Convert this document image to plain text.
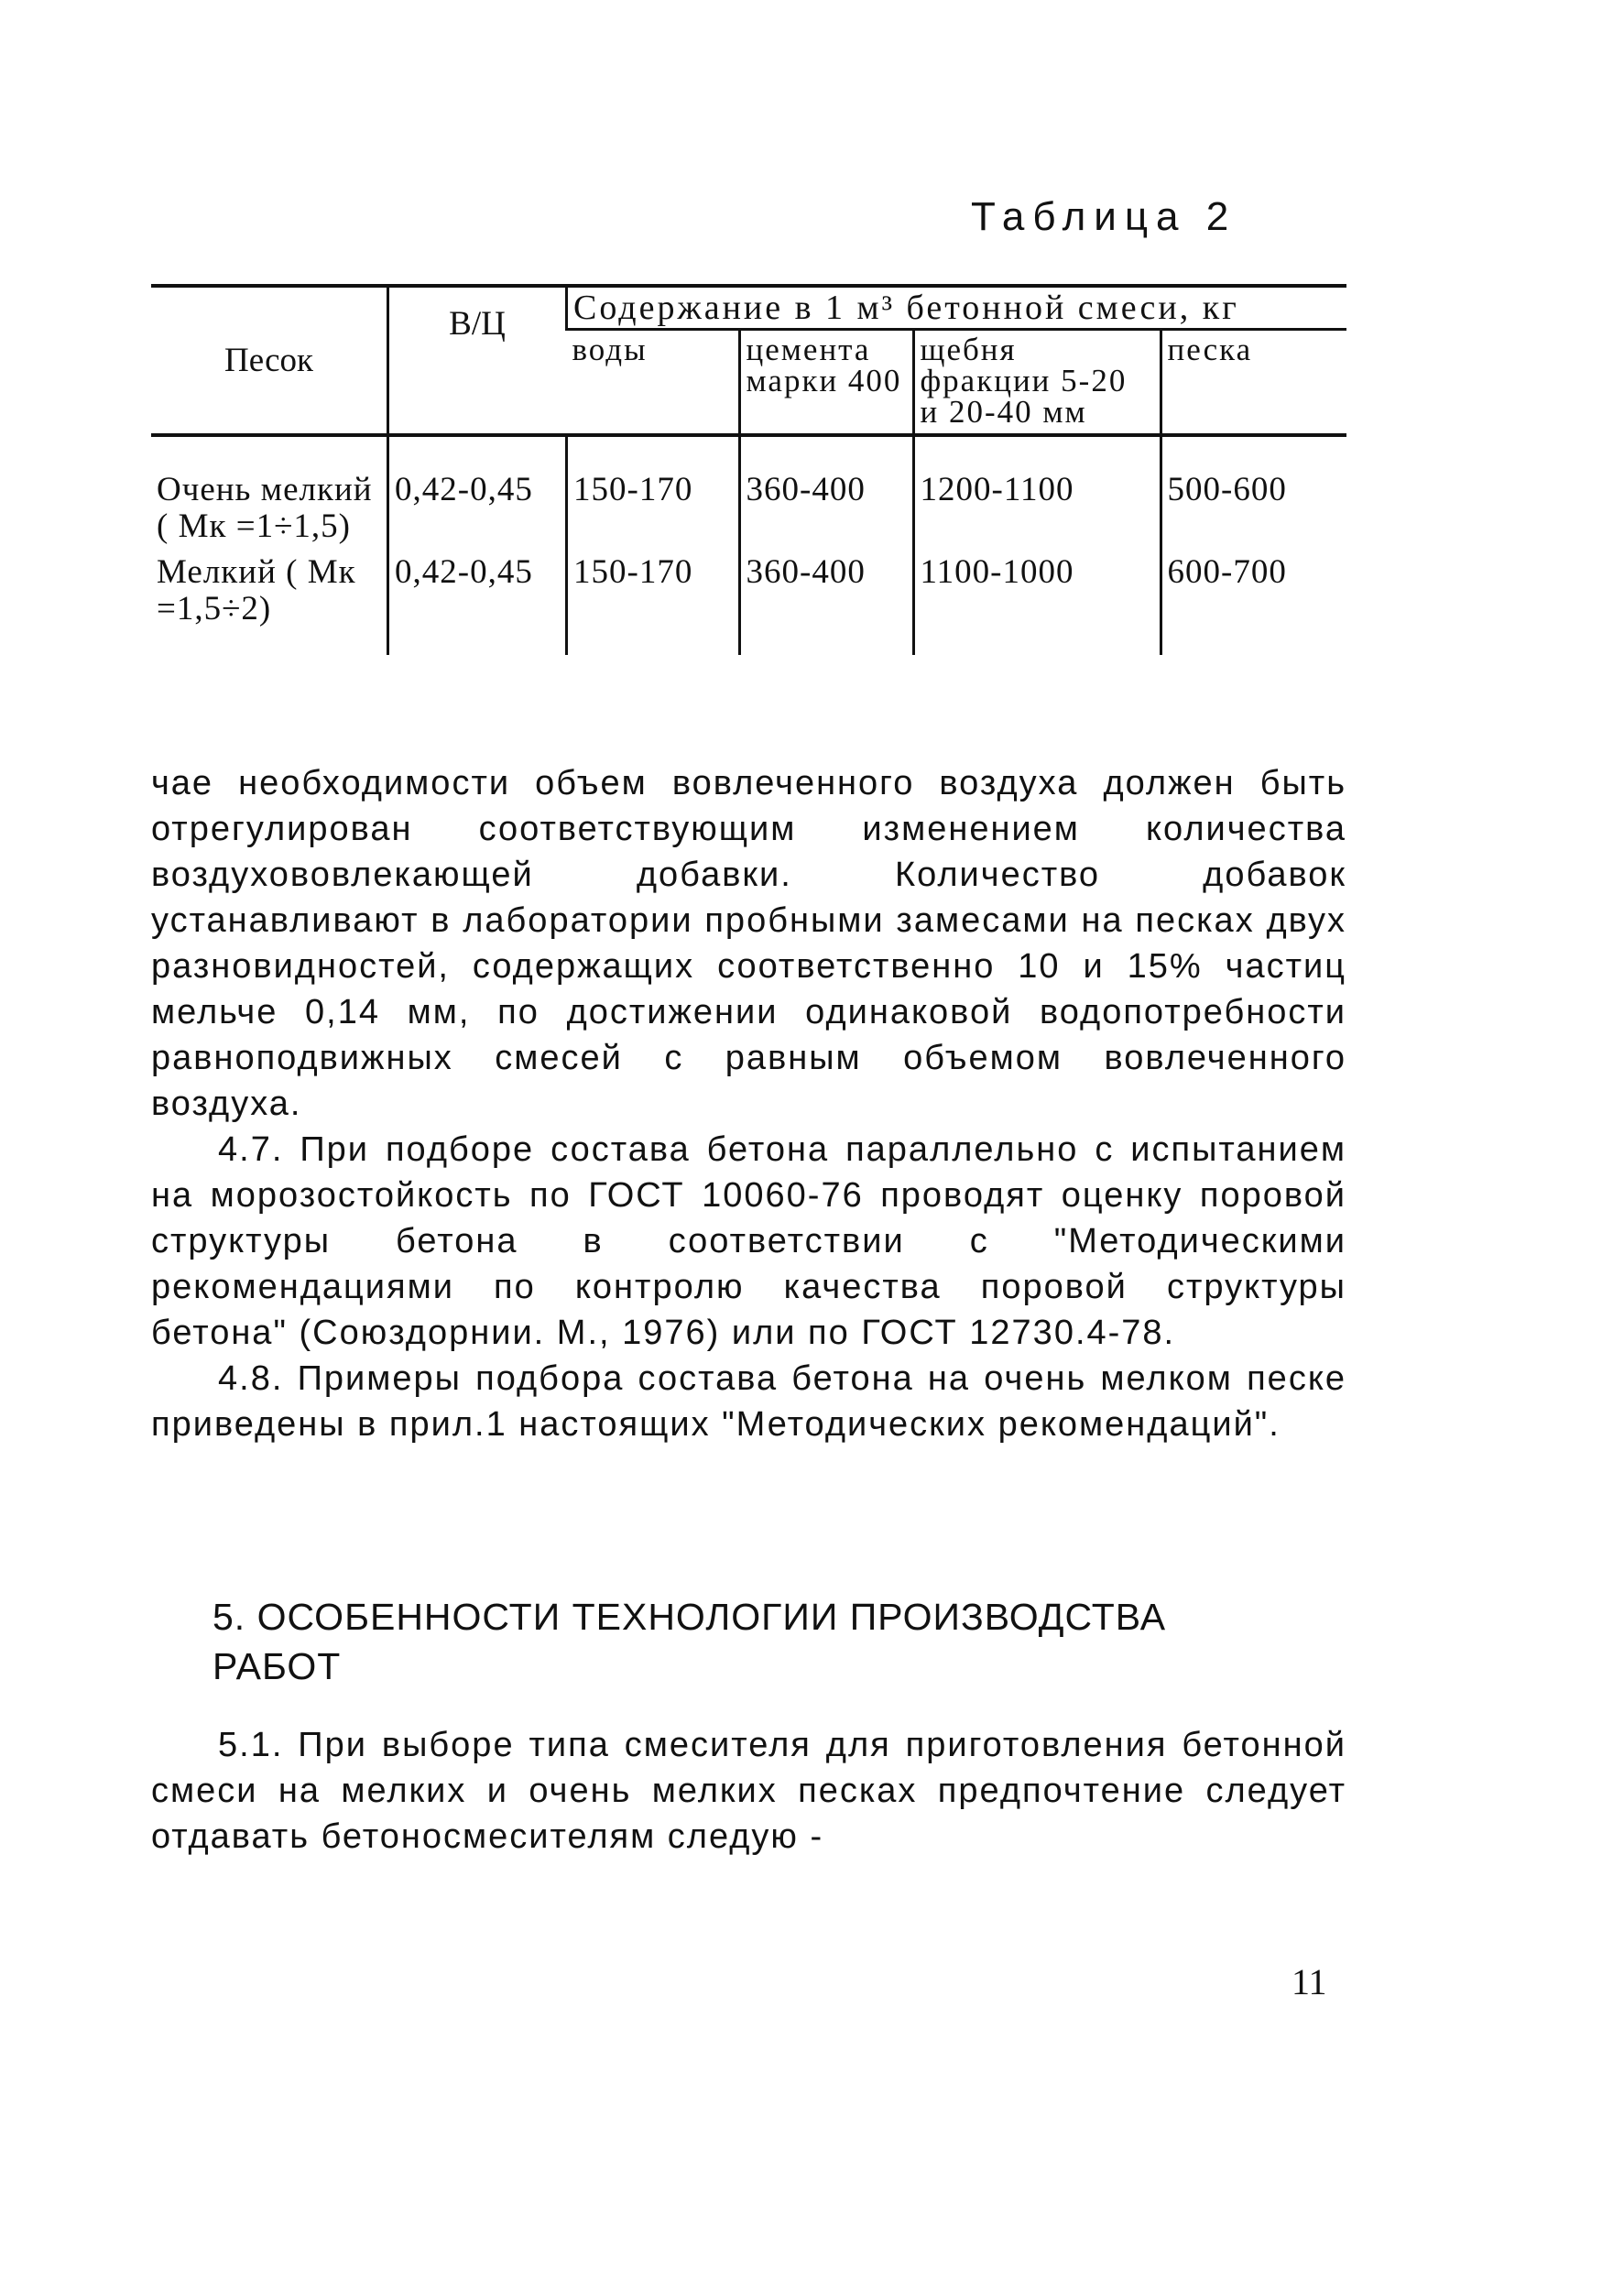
Таблица 2
Песок	В/Ц	Содержание в 1 м³ бетонной смеси, кг			
		воды	цемента марки 400	щебня фракции 5-20 и 20-40 мм	песка
Очень мелкий ( Мк =1÷1,5)	0,42-0,45	150-170	360-400	1200-1100	500-600
Мелкий ( Мк =1,5÷2)	0,42-0,45	150-170	360-400	1100-1000	600-700

чае необходимости объем вовлеченного воздуха должен быть отрегулирован соответствующим изменением количества воздухововлекающей добавки. Количество добавок устанавливают в лаборатории пробными замесами на песках двух разновидностей, содержащих соответственно 10 и 15% частиц мельче 0,14 мм, по достижении одинаковой водопотребности равноподвижных смесей с равным объемом вовлеченного воздуха.

4.7. При подборе состава бетона параллельно с испытанием на морозостойкость по ГОСТ 10060-76 проводят оценку поровой структуры бетона в соответствии с "Методическими рекомендациями по контролю качества поровой структуры бетона" (Союздорнии. М., 1976) или по ГОСТ 12730.4-78.

4.8. Примеры подбора состава бетона на очень мелком песке приведены в прил.1 настоящих "Методических рекомендаций".

5. ОСОБЕННОСТИ ТЕХНОЛОГИИ ПРОИЗВОДСТВА РАБОТ

5.1. При выборе типа смесителя для приготовления бетонной смеси на мелких и очень мелких песках предпочтение следует отдавать бетоносмесителям следую -

11
